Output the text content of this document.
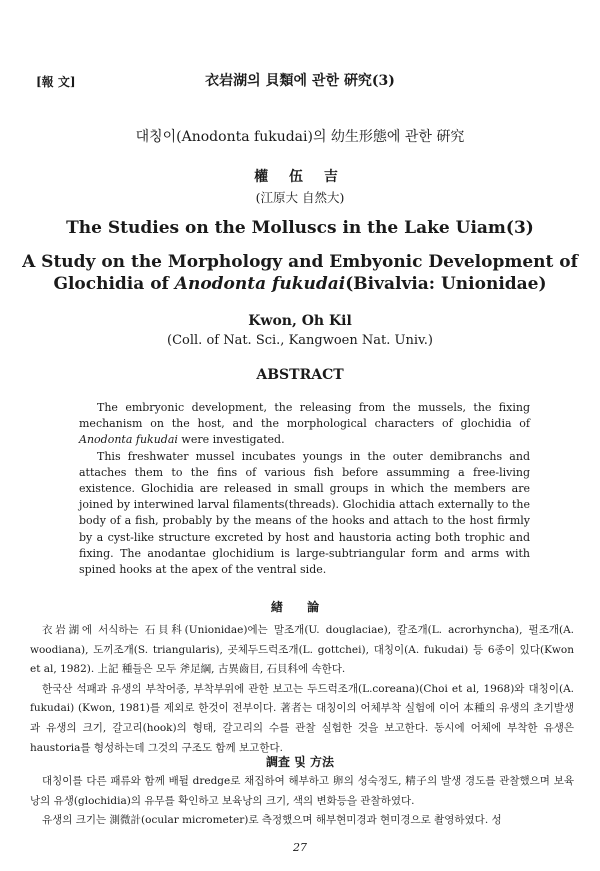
[報 文]	衣岩湖의 貝類에 관한 硏究(3)
대칭이(Anodonta fukudai)의 幼生形態에 관한 硏究
權 伍 吉
(江原大 自然大)
The Studies on the Molluscs in the Lake Uiam(3)
A Study on the Morphology and Embyonic Development of
Glochidia of Anodonta fukudai(Bivalvia: Unionidae)
Kwon, Oh Kil
(Coll. of Nat. Sci., Kangwoen Nat. Univ.)
ABSTRACT

The embryonic development, the releasing from the mussels, the fixing mechanism on the host, and the morphological characters of glochidia of Anodonta fukudai were investigated.

This freshwater mussel incubates youngs in the outer demibranchs and attaches them to the fins of various fish before assumming a free-living existence. Glochidia are released in small groups in which the members are joined by interwined larval filaments(threads). Glochidia attach externally to the body of a fish, probably by the means of the hooks and attach to the host firmly by a cyst-like structure excreted by host and haustoria acting both trophic and fixing. The anodantae glochidium is large-subtriangular form and arms with spined hooks at the apex of the ventral side.

緖 論

衣岩湖에 서식하는 石貝科(Unionidae)에는 말조개(U. douglaciae), 칼조개(L. acrorhyncha), 펄조개(A. woodiana), 도끼조개(S. triangularis), 곳체두드럭조개(L. gottchei), 대칭이(A. fukudai) 등 6종이 있다(Kwon et al, 1982). 上記 種들은 모두 斧足綱, 古異齒目, 石貝科에 속한다.

한국산 석패과 유생의 부착어종, 부착부위에 관한 보고는 두드럭조개(L.coreana)(Choi et al, 1968)와 대칭이(A. fukudai) (Kwon, 1981)를 제외로 한것이 전부이다. 著者는 대칭이의 어체부착 실험에 이어 本種의 유생의 초기발생과 유생의 크기, 갈고리(hook)의 형태, 갈고리의 수를 관찰 실험한 것을 보고한다. 동시에 어체에 부착한 유생은 haustoria를 형성하는데 그것의 구조도 함께 보고한다.

調査 및 方法

대칭이를 다른 패류와 함께 배뒬 dredge로 채집하여 해부하고 卵의 성숙정도, 精子의 발생 경도를 관찰했으며 보육낭의 유생(glochidia)의 유무를 확인하고 보육낭의 크기, 색의 변화등을 관찰하였다.

유생의 크기는 測微計(ocular micrometer)로 측정했으며 해부현미경과 현미경으로 촬영하였다. 성

27
